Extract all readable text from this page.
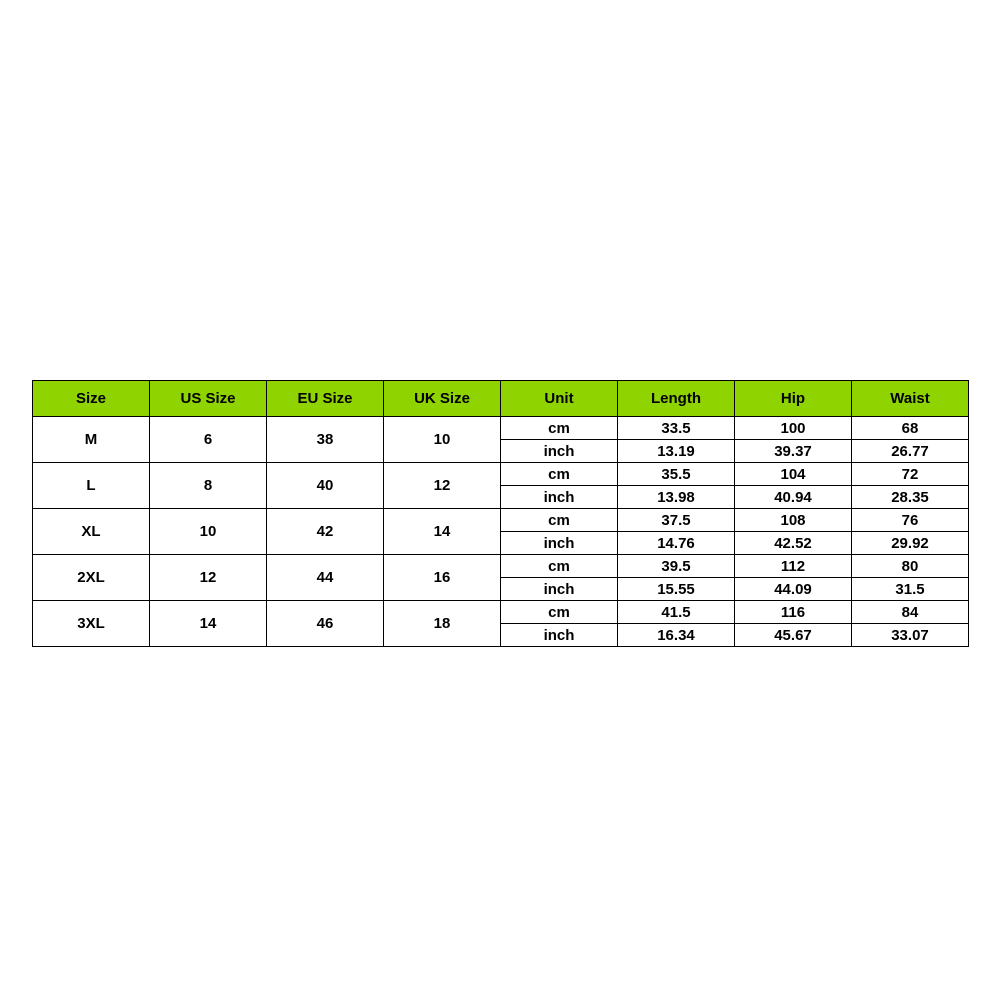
Size	US Size	EU Size	UK Size	Unit	Length	Hip	Waist
M	6	38	10	cm	33.5	100	68
				inch	13.19	39.37	26.77
L	8	40	12	cm	35.5	104	72
				inch	13.98	40.94	28.35
XL	10	42	14	cm	37.5	108	76
				inch	14.76	42.52	29.92
2XL	12	44	16	cm	39.5	112	80
				inch	15.55	44.09	31.5
3XL	14	46	18	cm	41.5	116	84
				inch	16.34	45.67	33.07
